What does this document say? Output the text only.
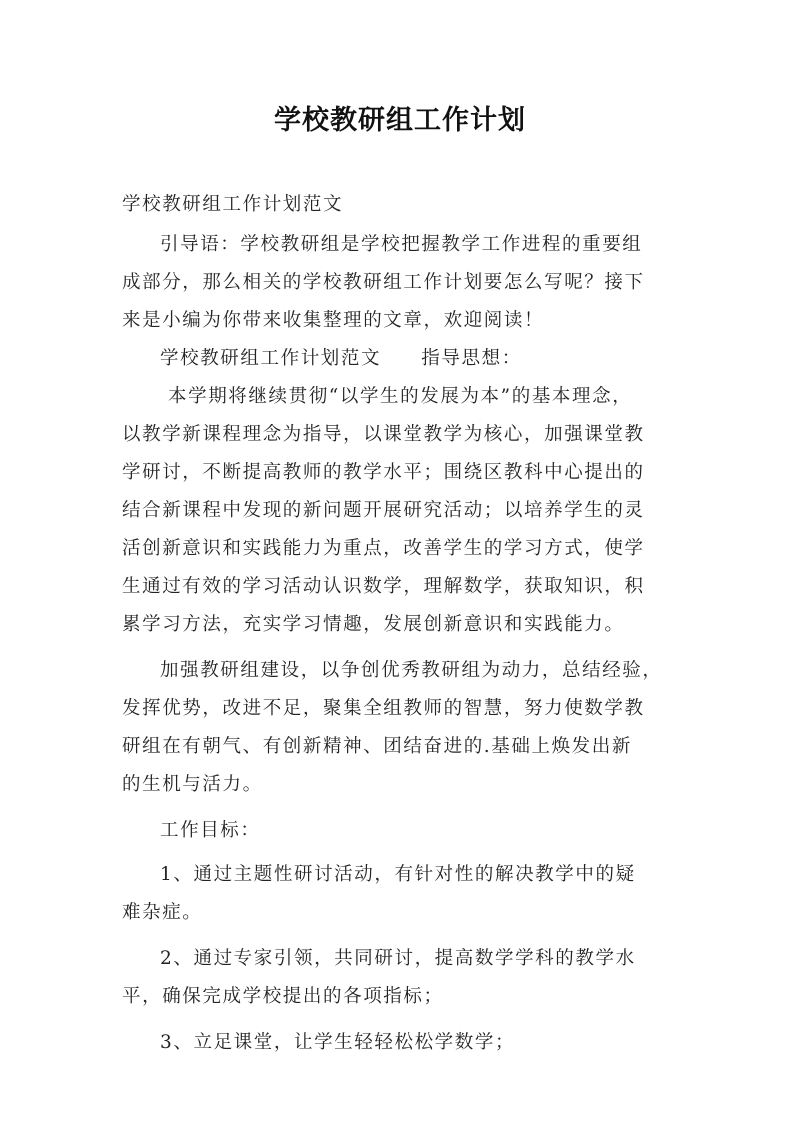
学校教研组工作计划
学校教研组工作计划范文
引导语：学校教研组是学校把握教学工作进程的重要组
成部分，那么相关的学校教研组工作计划要怎么写呢？接下
来是小编为你带来收集整理的文章，欢迎阅读！
学校教研组工作计划范文　　指导思想：
本学期将继续贯彻“以学生的发展为本”的基本理念，
以教学新课程理念为指导，以课堂教学为核心，加强课堂教
学研讨，不断提高教师的教学水平；围绕区教科中心提出的
结合新课程中发现的新问题开展研究活动；以培养学生的灵
活创新意识和实践能力为重点，改善学生的学习方式，使学
生通过有效的学习活动认识数学，理解数学，获取知识，积
累学习方法，充实学习情趣，发展创新意识和实践能力。
加强教研组建设，以争创优秀教研组为动力，总结经验，
发挥优势，改进不足，聚集全组教师的智慧，努力使数学教
研组在有朝气、有创新精神、团结奋进的.基础上焕发出新
的生机与活力。
工作目标：
1、通过主题性研讨活动，有针对性的解决教学中的疑
难杂症。
2、通过专家引领，共同研讨，提高数学学科的教学水
平，确保完成学校提出的各项指标；
3、立足课堂，让学生轻轻松松学数学；
